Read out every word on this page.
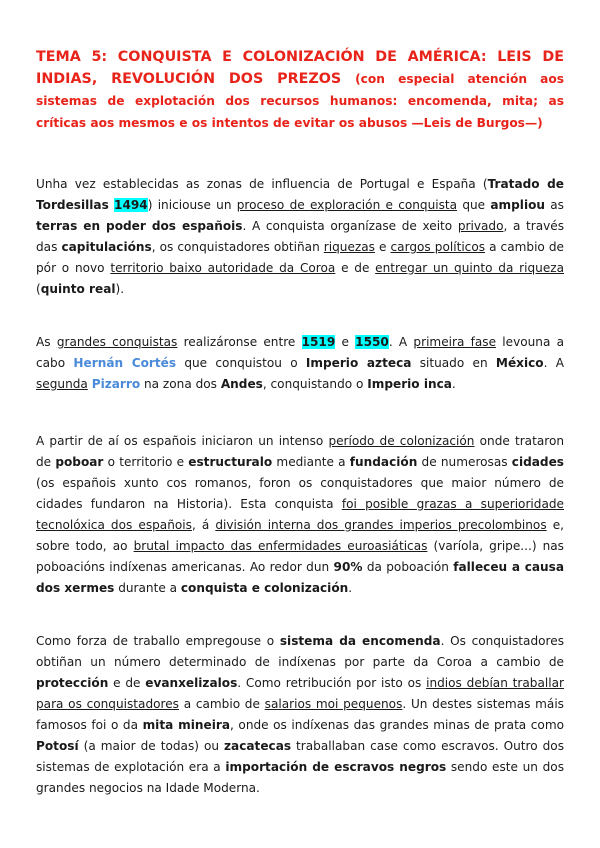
TEMA 5: CONQUISTA E COLONIZACIÓN DE AMÉRICA: LEIS DE INDIAS, REVOLUCIÓN DOS PREZOS (con especial atención aos sistemas de explotación dos recursos humanos: encomenda, mita; as críticas aos mesmos e os intentos de evitar os abusos —Leis de Burgos—)

Unha vez establecidas as zonas de influencia de Portugal e España (Tratado de Tordesillas 1494) iniciouse un proceso de exploración e conquista que ampliou as terras en poder dos españois. A conquista organízase de xeito privado, a través das capitulacións, os conquistadores obtiñan riquezas e cargos políticos a cambio de pór o novo territorio baixo autoridade da Coroa e de entregar un quinto da riqueza (quinto real).

As grandes conquistas realizáronse entre 1519 e 1550. A primeira fase levouna a cabo Hernán Cortés que conquistou o Imperio azteca situado en México. A segunda Pizarro na zona dos Andes, conquistando o Imperio inca.

A partir de aí os españois iniciaron un intenso período de colonización onde trataron de poboar o territorio e estructuralo mediante a fundación de numerosas cidades (os españois xunto cos romanos, foron os conquistadores que maior número de cidades fundaron na Historia). Esta conquista foi posible grazas a superioridade tecnolóxica dos españois, á división interna dos grandes imperios precolombinos e, sobre todo, ao brutal impacto das enfermidades euroasiáticas (varíola, gripe...) nas poboacións indíxenas americanas. Ao redor dun 90% da poboación falleceu a causa dos xermes durante a conquista e colonización.

Como forza de traballo empregouse o sistema da encomenda. Os conquistadores obtiñan un número determinado de indíxenas por parte da Coroa a cambio de protección e de evanxelizalos. Como retribución por isto os indios debían traballar para os conquistadores a cambio de salarios moi pequenos. Un destes sistemas máis famosos foi o da mita mineira, onde os indíxenas das grandes minas de prata como Potosí (a maior de todas) ou zacatecas traballaban case como escravos. Outro dos sistemas de explotación era a importación de escravos negros sendo este un dos grandes negocios na Idade Moderna.
